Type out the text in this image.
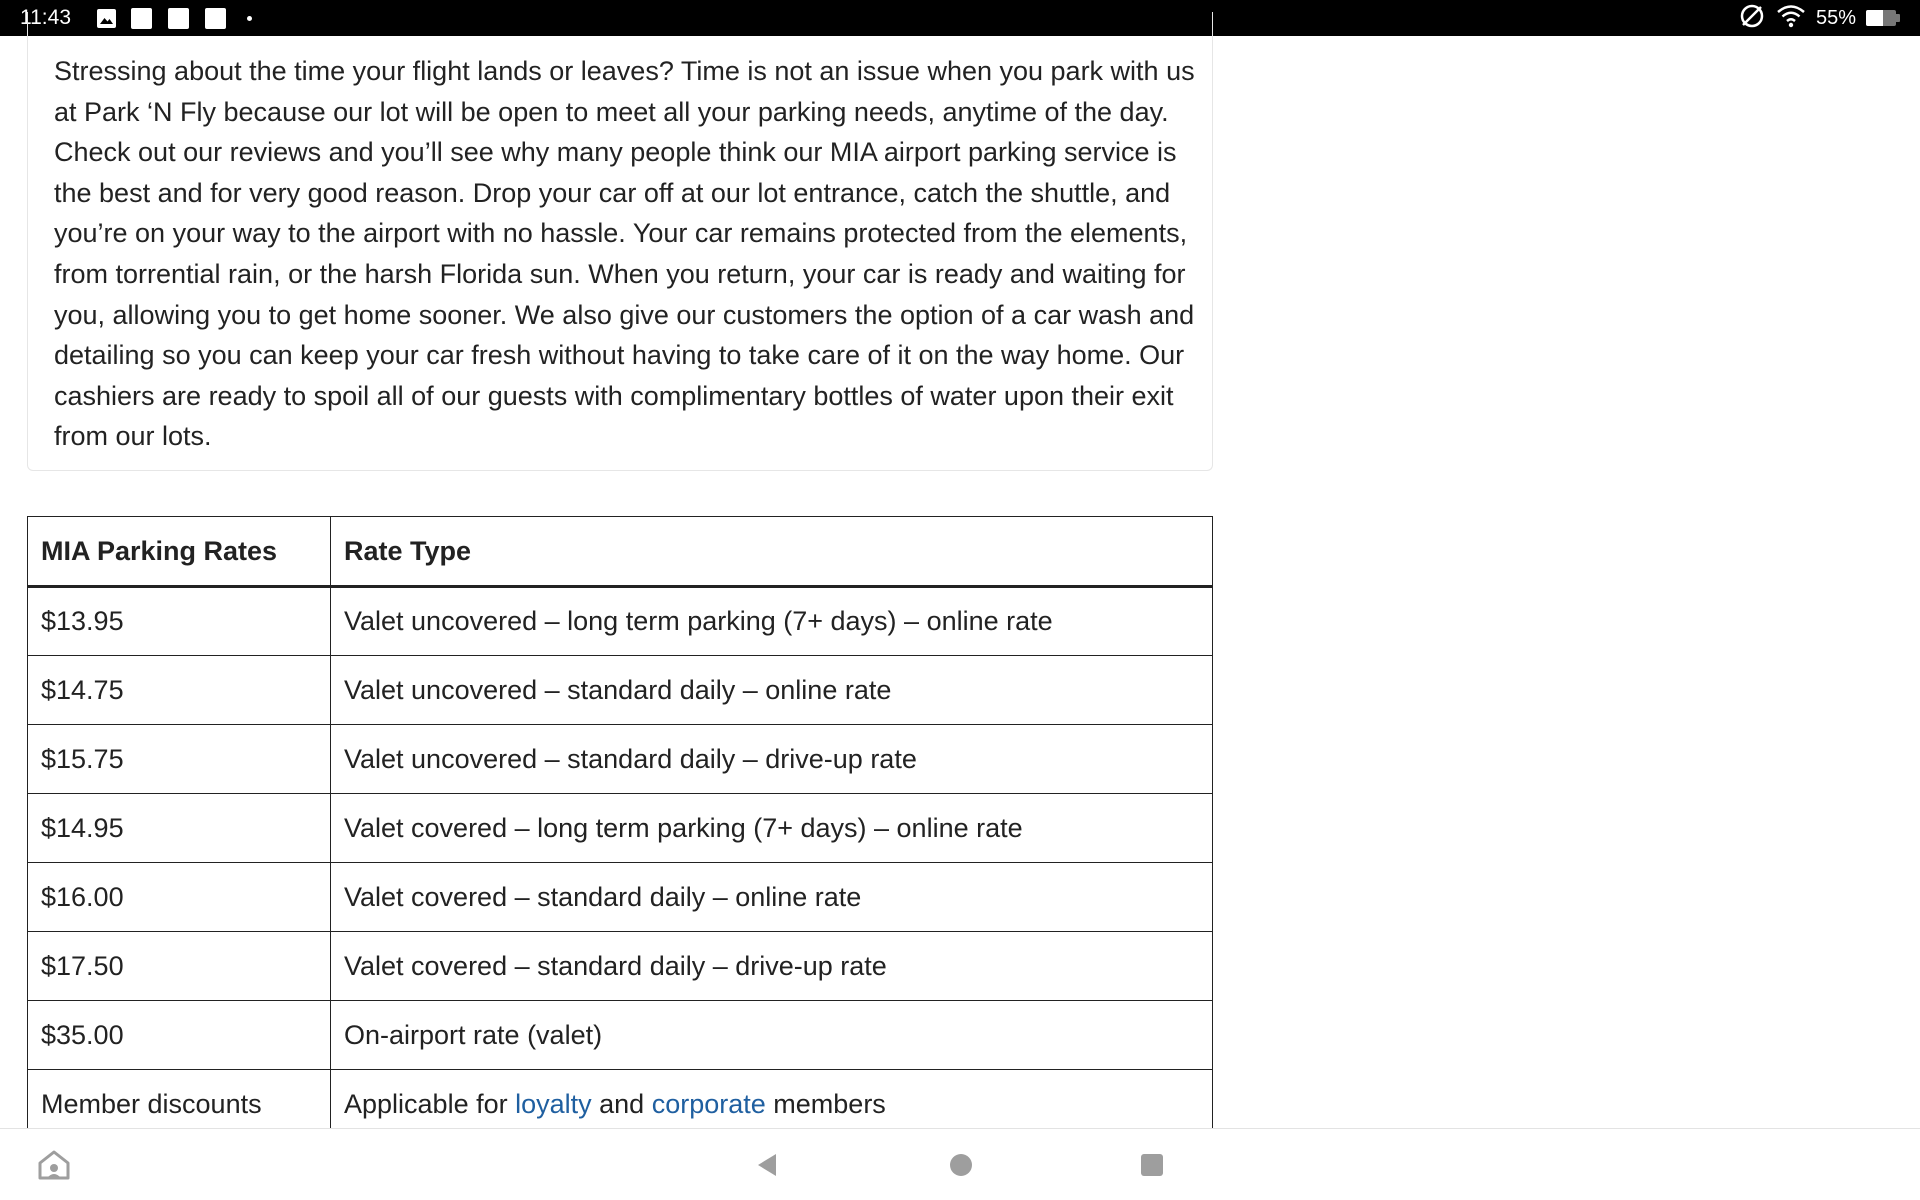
11:43	55%

Stressing about the time your flight lands or leaves? Time is not an issue when you park with us at Park ‘N Fly because our lot will be open to meet all your parking needs, anytime of the day. Check out our reviews and you’ll see why many people think our MIA airport parking service is the best and for very good reason. Drop your car off at our lot entrance, catch the shuttle, and you’re on your way to the airport with no hassle. Your car remains protected from the elements, from torrential rain, or the harsh Florida sun. When you return, your car is ready and waiting for you, allowing you to get home sooner. We also give our customers the option of a car wash and detailing so you can keep your car fresh without having to take care of it on the way home. Our cashiers are ready to spoil all of our guests with complimentary bottles of water upon their exit from our lots.

MIA Parking Rates	Rate Type
$13.95	Valet uncovered – long term parking (7+ days) – online rate
$14.75	Valet uncovered – standard daily – online rate
$15.75	Valet uncovered – standard daily – drive-up rate
$14.95	Valet covered – long term parking (7+ days) – online rate
$16.00	Valet covered – standard daily – online rate
$17.50	Valet covered – standard daily – drive-up rate
$35.00	On-airport rate (valet)
Member discounts	Applicable for loyalty and corporate members
